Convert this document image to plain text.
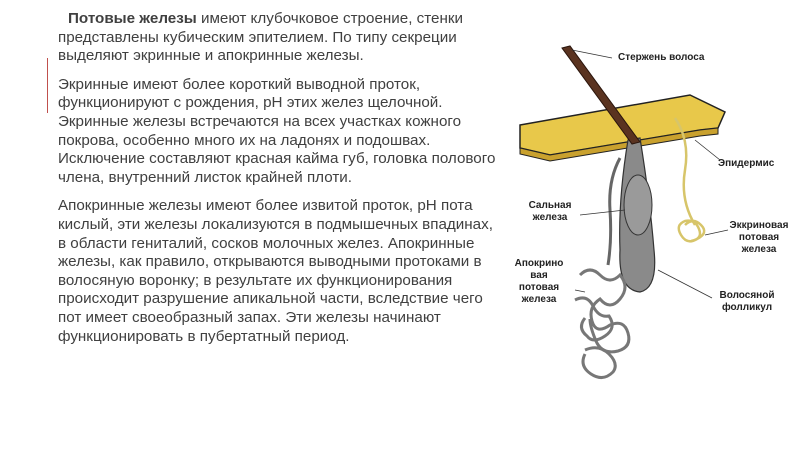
Потовые железы имеют клубочковое строение, стенки представлены кубическим эпителием. По типу секреции выделяют экринные и апокринные железы.

Экринные имеют более короткий выводной проток, функционируют с рождения, рН этих желез щелочной. Экринные железы встречаются на всех участках кожного покрова, особенно много их на ладонях и подошвах. Исключение составляют красная кайма губ, головка полового члена, внутренний листок крайней плоти.

Апокринные железы имеют более извитой проток, рН пота кислый, эти железы локализуются в подмышечных впадинах, в области гениталий, сосков молочных желез. Апокринные железы, как правило, открываются выводными протоками в волосяную воронку; в результате их функционирования происходит разрушение апикальной части, вследствие чего пот имеет своеобразный запах. Эти железы начинают функционировать в пубертатный период.

Стержень волоса
Эпидермис
Сальная
железа
Эккриновая
потовая
железа
Апокрино
вая
потовая
железа	Волосяной
фолликул
